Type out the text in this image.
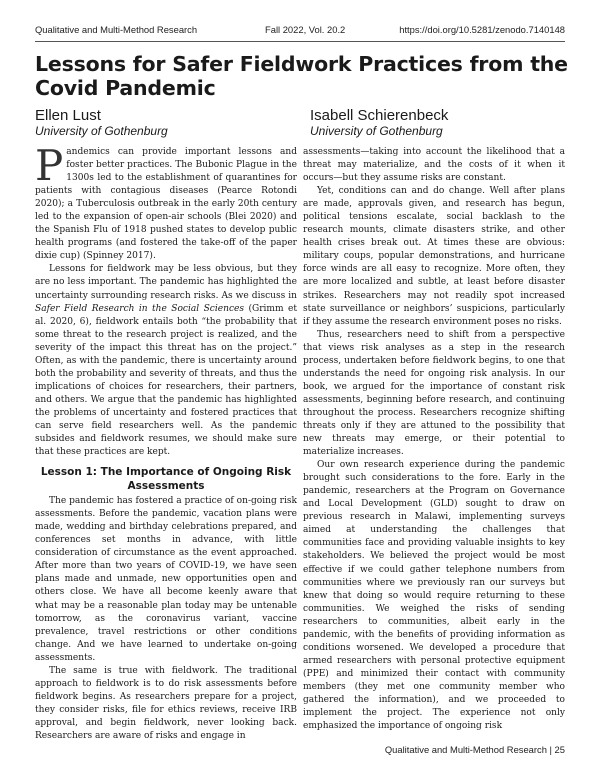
Qualitative and Multi-Method Research	Fall 2022, Vol. 20.2	https://doi.org/10.5281/zenodo.7140148
Lessons for Safer Fieldwork Practices from the Covid Pandemic
Ellen Lust
University of Gothenburg
Isabell Schierenbeck
University of Gothenburg

Pandemics can provide important lessons and foster better practices. The Bubonic Plague in the 1300s led to the establishment of quarantines for patients with contagious diseases (Pearce Rotondi 2020); a Tuberculosis outbreak in the early 20th century led to the expansion of open-air schools (Blei 2020) and the Spanish Flu of 1918 pushed states to develop public health programs (and fostered the take-off of the paper dixie cup) (Spinney 2017).

Lessons for fieldwork may be less obvious, but they are no less important. The pandemic has highlighted the uncertainty surrounding research risks. As we discuss in Safer Field Research in the Social Sciences (Grimm et al. 2020, 6), fieldwork entails both “the probability that some threat to the research project is realized, and the severity of the impact this threat has on the project.” Often, as with the pandemic, there is uncertainty around both the probability and severity of threats, and thus the implications of choices for researchers, their partners, and others. We argue that the pandemic has highlighted the problems of uncertainty and fostered practices that can serve field researchers well. As the pandemic subsides and fieldwork resumes, we should make sure that these practices are kept.

Lesson 1: The Importance of Ongoing Risk Assessments

The pandemic has fostered a practice of on-going risk assessments. Before the pandemic, vacation plans were made, wedding and birthday celebrations prepared, and conferences set months in advance, with little consideration of circumstance as the event approached. After more than two years of COVID-19, we have seen plans made and unmade, new opportunities open and others close. We have all become keenly aware that what may be a reasonable plan today may be untenable tomorrow, as the coronavirus variant, vaccine prevalence, travel restrictions or other conditions change. And we have learned to undertake on-going assessments.

The same is true with fieldwork. The traditional approach to fieldwork is to do risk assessments before fieldwork begins. As researchers prepare for a project, they consider risks, file for ethics reviews, receive IRB approval, and begin fieldwork, never looking back. Researchers are aware of risks and engage in

assessments—taking into account the likelihood that a threat may materialize, and the costs of it when it occurs—but they assume risks are constant.

Yet, conditions can and do change. Well after plans are made, approvals given, and research has begun, political tensions escalate, social backlash to the research mounts, climate disasters strike, and other health crises break out. At times these are obvious: military coups, popular demonstrations, and hurricane force winds are all easy to recognize. More often, they are more localized and subtle, at least before disaster strikes. Researchers may not readily spot increased state surveillance or neighbors’ suspicions, particularly if they assume the research environment poses no risks.

Thus, researchers need to shift from a perspective that views risk analyses as a step in the research process, undertaken before fieldwork begins, to one that understands the need for ongoing risk analysis. In our book, we argued for the importance of constant risk assessments, beginning before research, and continuing throughout the process. Researchers recognize shifting threats only if they are attuned to the possibility that new threats may emerge, or their potential to materialize increases.

Our own research experience during the pandemic brought such considerations to the fore. Early in the pandemic, researchers at the Program on Governance and Local Development (GLD) sought to draw on previous research in Malawi, implementing surveys aimed at understanding the challenges that communities face and providing valuable insights to key stakeholders. We believed the project would be most effective if we could gather telephone numbers from communities where we previously ran our surveys but knew that doing so would require returning to these communities. We weighed the risks of sending researchers to communities, albeit early in the pandemic, with the benefits of providing information as conditions worsened. We developed a procedure that armed researchers with personal protective equipment (PPE) and minimized their contact with community members (they met one community member who gathered the information), and we proceeded to implement the project. The experience not only emphasized the importance of ongoing risk

Qualitative and Multi-Method Research | 25
